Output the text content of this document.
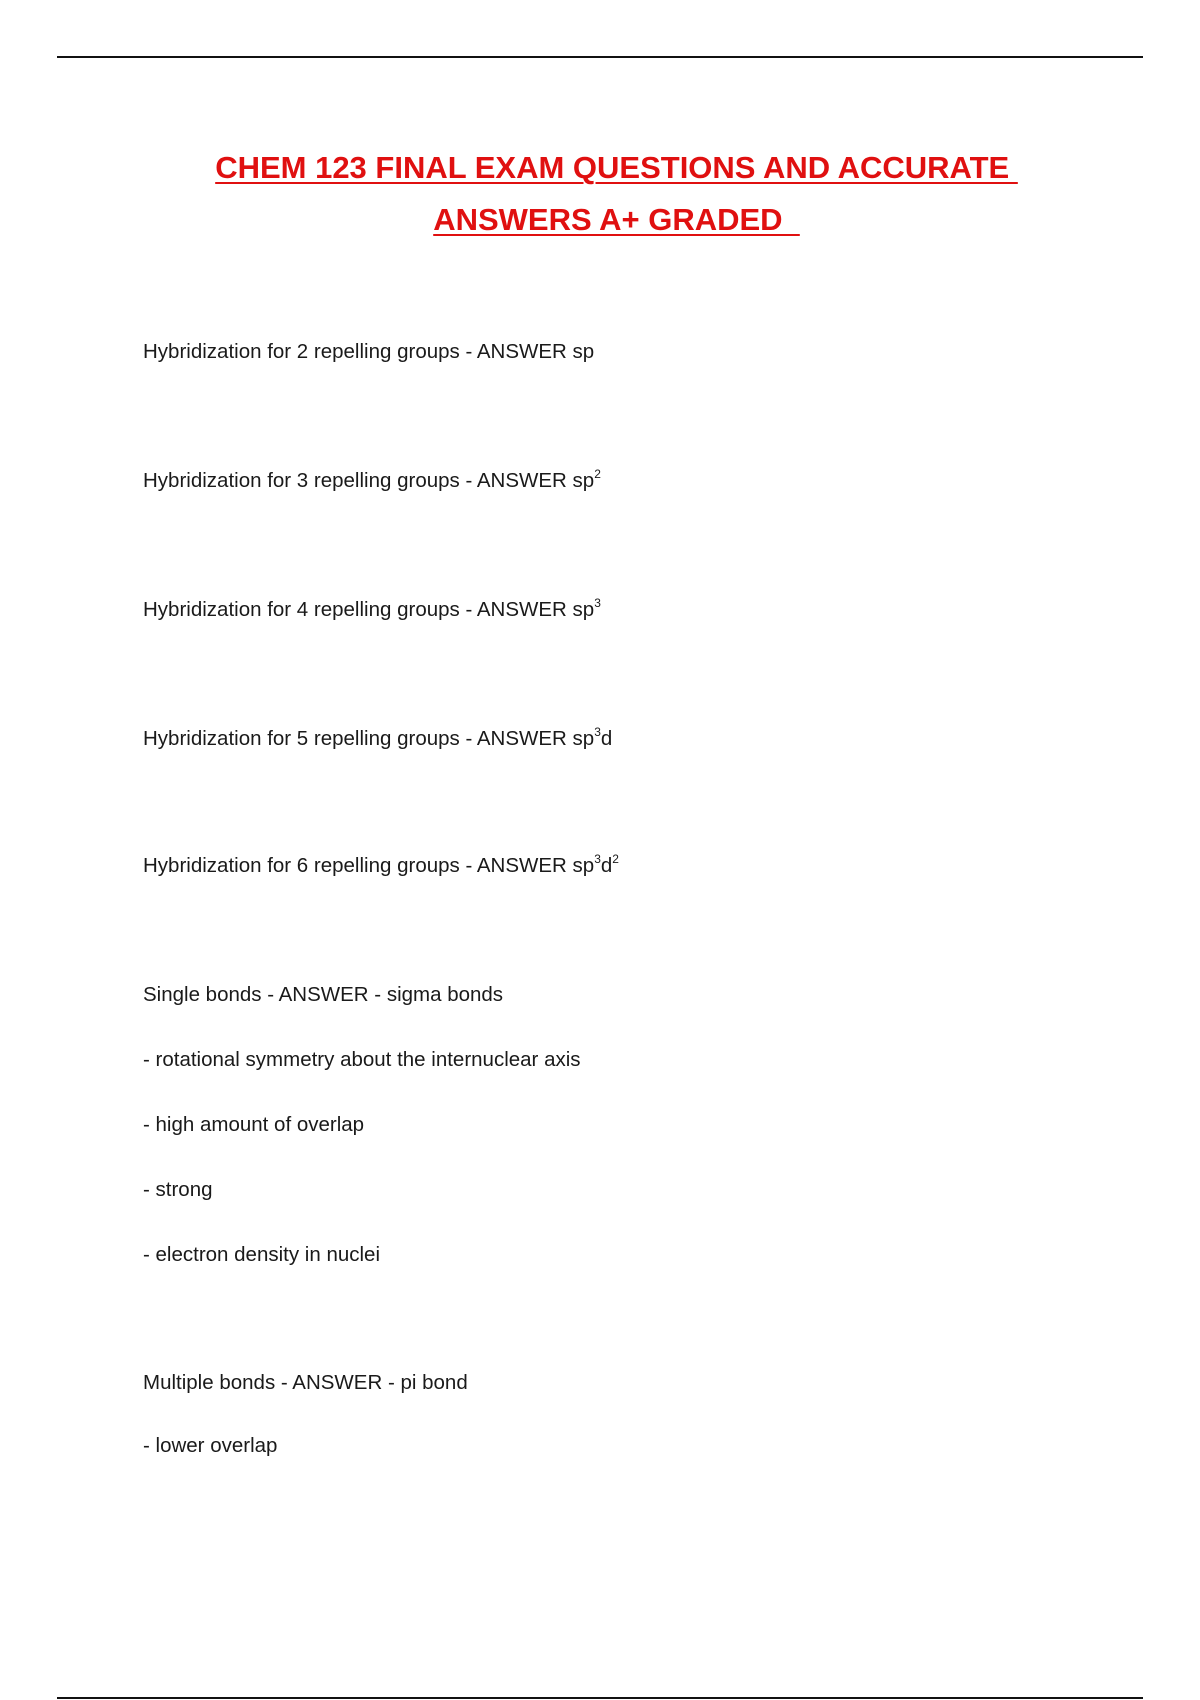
CHEM 123 FINAL EXAM QUESTIONS AND ACCURATE
ANSWERS A+ GRADED

Hybridization for 2 repelling groups - ANSWER sp

Hybridization for 3 repelling groups - ANSWER $sp^2$

Hybridization for 4 repelling groups - ANSWER $sp^3$

Hybridization for 5 repelling groups - ANSWER $sp^3d$

Hybridization for 6 repelling groups - ANSWER $sp^3d^2$

Single bonds - ANSWER - sigma bonds

- rotational symmetry about the internuclear axis

- high amount of overlap

- strong

- electron density in nuclei

Multiple bonds - ANSWER - pi bond

- lower overlap
